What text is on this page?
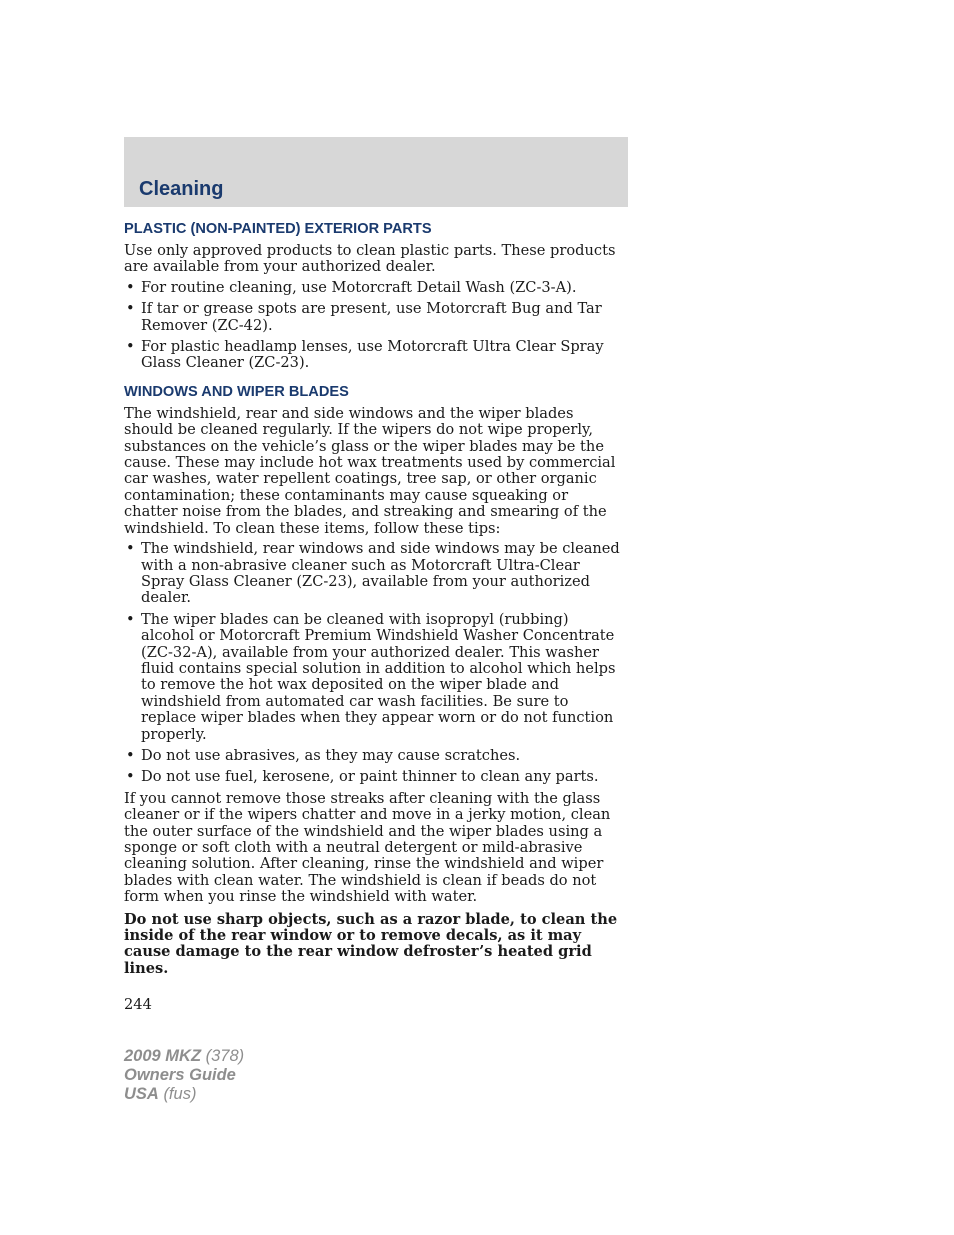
Cleaning
PLASTIC (NON-PAINTED) EXTERIOR PARTS

Use only approved products to clean plastic parts. These products are available from your authorized dealer.

• For routine cleaning, use Motorcraft Detail Wash (ZC-3-A).
• If tar or grease spots are present, use Motorcraft Bug and Tar Remover (ZC-42).
• For plastic headlamp lenses, use Motorcraft Ultra Clear Spray Glass Cleaner (ZC-23).
WINDOWS AND WIPER BLADES

The windshield, rear and side windows and the wiper blades should be cleaned regularly. If the wipers do not wipe properly, substances on the vehicle’s glass or the wiper blades may be the cause. These may include hot wax treatments used by commercial car washes, water repellent coatings, tree sap, or other organic contamination; these contaminants may cause squeaking or chatter noise from the blades, and streaking and smearing of the windshield. To clean these items, follow these tips:

• The windshield, rear windows and side windows may be cleaned with a non-abrasive cleaner such as Motorcraft Ultra-Clear Spray Glass Cleaner (ZC-23), available from your authorized dealer.
• The wiper blades can be cleaned with isopropyl (rubbing) alcohol or Motorcraft Premium Windshield Washer Concentrate (ZC-32-A), available from your authorized dealer. This washer fluid contains special solution in addition to alcohol which helps to remove the hot wax deposited on the wiper blade and windshield from automated car wash facilities. Be sure to replace wiper blades when they appear worn or do not function properly.
• Do not use abrasives, as they may cause scratches.
• Do not use fuel, kerosene, or paint thinner to clean any parts.

If you cannot remove those streaks after cleaning with the glass cleaner or if the wipers chatter and move in a jerky motion, clean the outer surface of the windshield and the wiper blades using a sponge or soft cloth with a neutral detergent or mild-abrasive cleaning solution. After cleaning, rinse the windshield and wiper blades with clean water. The windshield is clean if beads do not form when you rinse the windshield with water.

Do not use sharp objects, such as a razor blade, to clean the inside of the rear window or to remove decals, as it may cause damage to the rear window defroster’s heated grid lines.

244
2009 MKZ (378)
Owners Guide
USA (fus)
